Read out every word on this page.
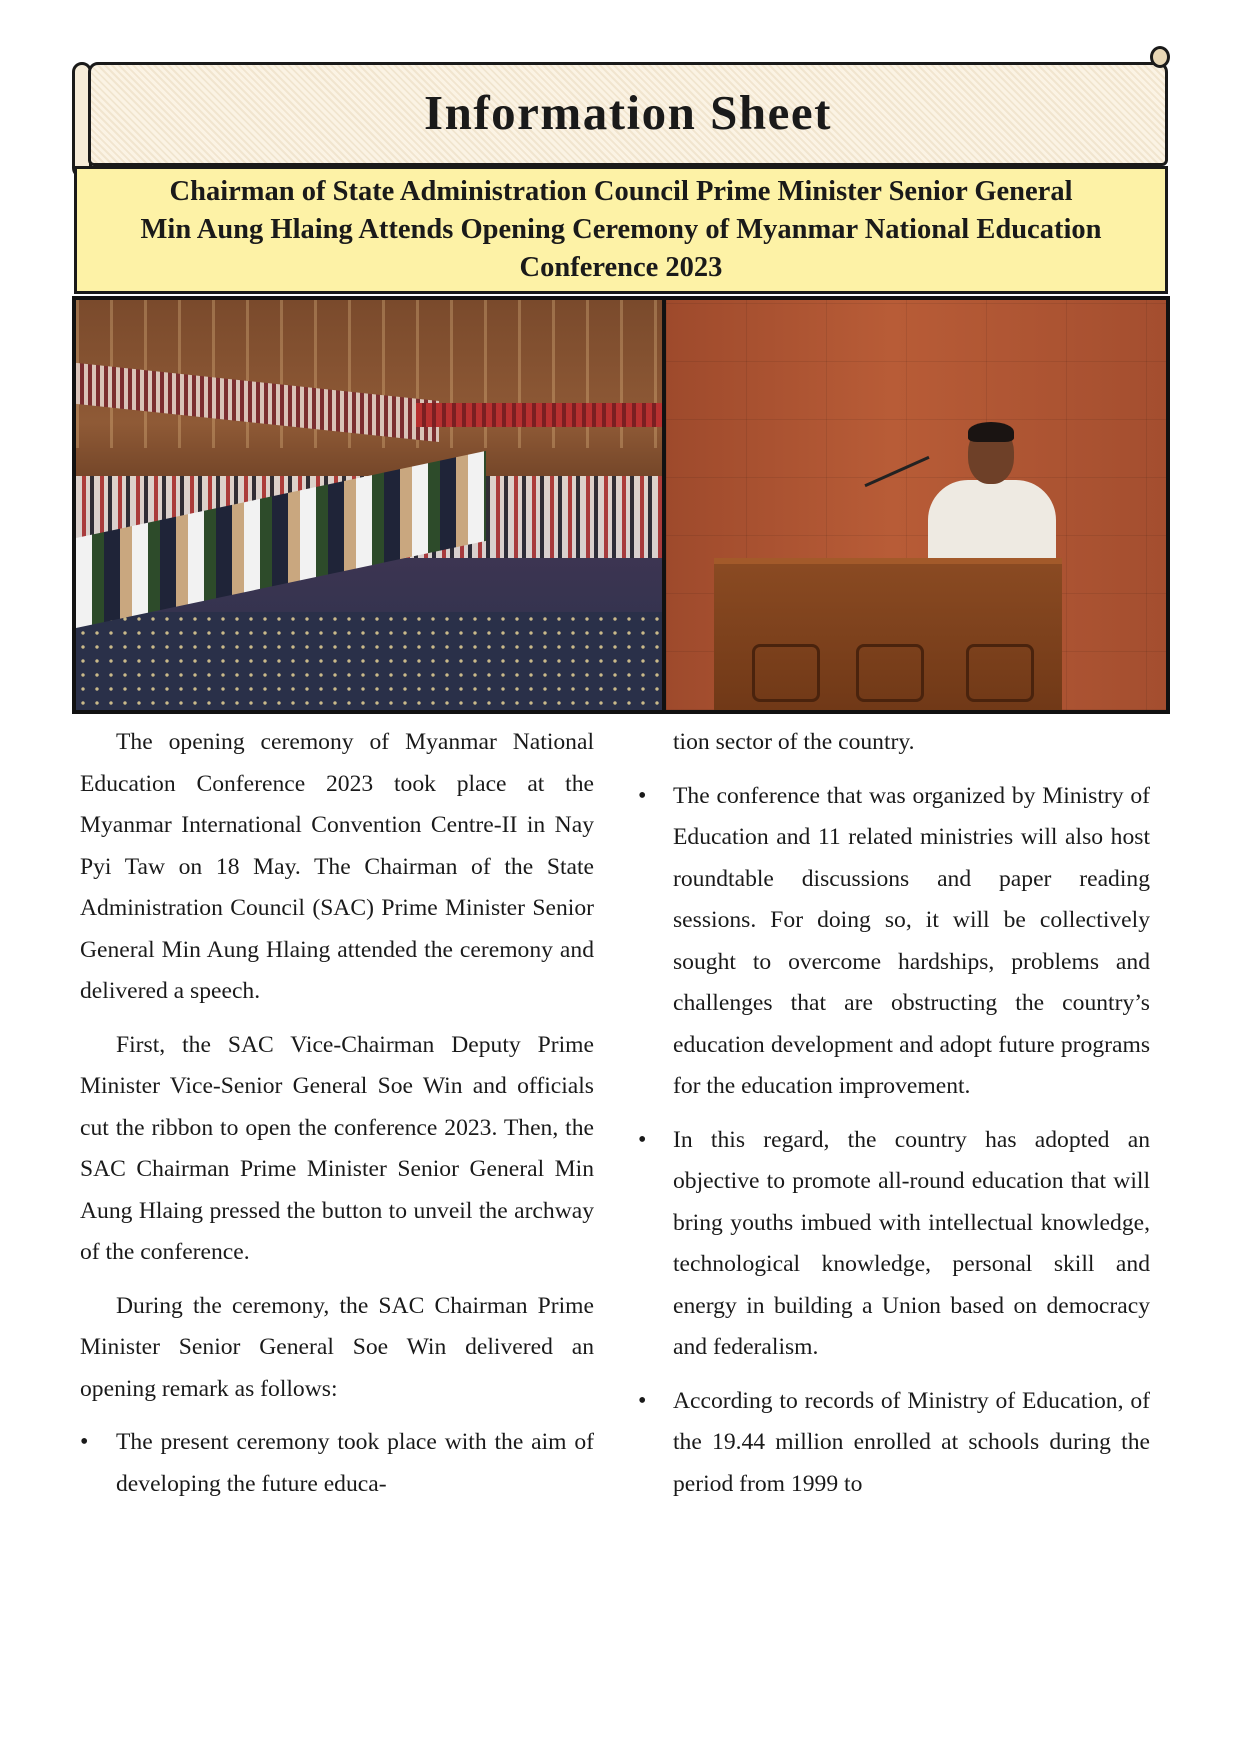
Information Sheet
Chairman of State Administration Council Prime Minister Senior General
Min Aung Hlaing Attends Opening Ceremony of Myanmar National Education
Conference 2023

The opening ceremony of Myanmar National Education Conference 2023 took place at the Myanmar International Convention Centre-II in Nay Pyi Taw on 18 May. The Chairman of the State Administration Council (SAC) Prime Minister Senior General Min Aung Hlaing attended the ceremony and delivered a speech.

First, the SAC Vice-Chairman Deputy Prime Minister Vice-Senior General Soe Win and officials cut the ribbon to open the conference 2023. Then, the SAC Chairman Prime Minister Senior General Min Aung Hlaing pressed the button to unveil the archway of the conference.

During the ceremony, the SAC Chairman Prime Minister Senior General Soe Win delivered an opening remark as follows:

• The present ceremony took place with the aim of developing the future educa-

tion sector of the country.

• The conference that was organized by Ministry of Education and 11 related ministries will also host roundtable discussions and paper reading sessions. For doing so, it will be collectively sought to overcome hardships, problems and challenges that are obstructing the country’s education development and adopt future programs for the education improvement.
• In this regard, the country has adopted an objective to promote all-round education that will bring youths imbued with intellectual knowledge, technological knowledge, personal skill and energy in building a Union based on democracy and federalism.
• According to records of Ministry of Education, of the 19.44 million enrolled at schools during the period from 1999 to
